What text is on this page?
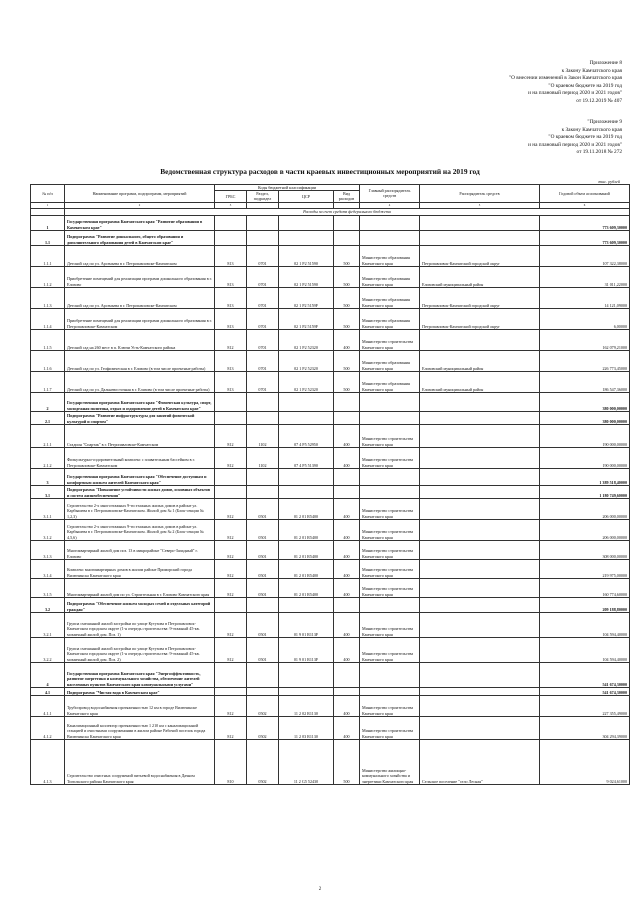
Приложение 8
к Закону Камчатского края
"О внесении изменений в Закон Камчатского края
"О краевом бюджете на 2019 год
и на плановый период 2020 и 2021 годов"
от 19.12.2019 № 407
"Приложение 9
к Закону Камчатского края
"О краевом бюджете на 2019 год
и на плановый период 2020 и 2021 годов"
от 19.11.2018 № 272
Ведомственная структура расходов в части краевых инвестиционных мероприятий на 2019 год
тыс. рублей
№ п/п	Наименование программ, подпрограмм, мероприятий	Коды бюджетной классификации				Главный распорядитель средств	Распорядитель средств	Годовой объем ассигнований
		ГРБС	Раздел, подраздел	ЦСР	Вид расходов			
1	2	3				4	5	6
	Расходы за счет средств федерального бюджета							
1	Государственная программа Камчатского края "Развитие образования в Камчатском крае"							773 609,30000
1.1	Подпрограмма "Развитие дошкольного, общего образования и дополнительного образования детей в Камчатском крае"							773 609,30000
1.1.1	Детский сад по ул. Арсеньева в г. Петропавловске-Камчатском	813	0701	02 1 Р2 51590	500	Министерство образования Камчатского края	Петропавловск-Камчатский городской округ	107 322,38000
1.1.2	Приобретение помещений для реализации программ дошкольного образования в г. Елизово	813	0701	02 1 Р2 51590	500	Министерство образования Камчатского края	Елизовский муниципальный район	31 011,22000
1.1.3	Детский сад по ул. Арсеньева в г. Петропавловске-Камчатском	813	0701	02 1 Р2 5159F	500	Министерство образования Камчатского края	Петропавловск-Камчатский городской округ	14 121,09000
1.1.4	Приобретение помещений для реализации программ дошкольного образования в г. Петропавловске-Камчатском	813	0701	02 1 Р2 5159F	500	Министерство образования Камчатского края	Петропавловск-Камчатский городской округ	6,00000
1.1.5	Детский сад на 260 мест в п. Ключи Усть-Камчатского района	812	0701	02 1 Р2 52320	400	Министерство строительства Камчатского края		162 079,21000
1.1.6	Детский сад по ул. Геофизическая в г. Елизово (в том числе проектные работы)	813	0701	02 1 Р2 52320	500	Министерство образования Камчатского края	Елизовский муниципальный район	226 773,45000
1.1.7	Детский сад по ул. Дальневосточная в г. Елизово (в том числе проектные работы)	813	0701	02 1 Р2 52320	500	Министерство образования Камчатского края	Елизовский муниципальный район	186 547,36000
2	Государственная программа Камчатского края "Физическая культура, спорт, молодежная политика, отдых и оздоровление детей в Камчатском крае"							380 000,00000
2.1	Подпрограмма "Развитие инфраструктуры для занятий физической культурой и спортом"							380 000,00000
2.1.1	Стадион "Спартак" в г. Петропавловске-Камчатском	812	1102	07 4 Р5 52950	400	Министерство строительства Камчатского края		190 000,00000
2.1.2	Физкультурно-оздоровительный комплекс с плавательным бассейном в г. Петропавловске-Камчатском	812	1102	07 4 Р5 51390	400	Министерство строительства Камчатского края		190 000,00000
3	Государственная программа Камчатского края "Обеспечение доступным и комфортным жильем жителей Камчатского края"							1 389 518,40000
3.1	Подпрограмма "Повышение устойчивости жилых домов, основных объектов и систем жизнеобеспечения"							1 180 749,60000
3.1.1	Строительство 2-х многоэтажных 9-ти этажных жилых домов в районе ул. Карбышева в г. Петропавловске-Камчатском. Жилой дом № 1 (Блок-секции № 1,2,3)	812	0501	01 2 01 R5400	400	Министерство строительства Камчатского края		206 000,00000
3.1.2	Строительство 2-х многоэтажных 9-ти этажных жилых домов в районе ул. Карбышева в г. Петропавловске-Камчатском. Жилой дом № 2 (Блок-секции № 4,5,6)	812	0501	01 2 01 R5400	400	Министерство строительства Камчатского края		206 000,00000
3.1.3	Многоквартирный жилой дом поз. 13 в микрорайоне "Северо-Западный" г. Елизово	812	0501	01 2 01 R5400	400	Министерство строительства Камчатского края		308 000,00000
3.1.4	Комплекс многоквартирных домов в жилом районе Приморский города Вилючинска Камчатского края	812	0501	01 2 01 R5400	400	Министерство строительства Камчатского края		219 975,00000
3.1.5	Многоквартирный жилой дом по ул. Строительная в г. Елизово Камчатского края	812	0501	01 2 01 R5400	400	Министерство строительства Камчатского края		160 774,60000
3.2	Подпрограмма "Обеспечение жильем молодых семей и отдельных категорий граждан"							209 188,80000
3.2.1	Группа смешанной жилой застройки по улице Кутузова в Петропавловск-Камчатском городском округе (1-я очередь строительства: 9-этажный 45-кв. мозаичный жилой дом. Поз. 1)	812	0501	01 9 01 R113F	400	Министерство строительства Камчатского края		104 594,40000
3.2.2	Группа смешанной жилой застройки по улице Кутузова в Петропавловск-Камчатском городском округе (1-я очередь строительства: 9-этажный 45-кв. мозаичный жилой дом. Поз. 2)	812	0501	01 9 01 R113F	400	Министерство строительства Камчатского края		104 594,40000
4	Государственная программа Камчатского края "Энергоэффективность, развитие энергетики и коммунального хозяйства, обеспечение жителей населенных пунктов Камчатского края коммунальными услугами"							541 674,30000
4.1	Подпрограмма "Чистая вода в Камчатском крае"							541 674,30000
4.1.1	Трубопровод водоснабжения протяженностью 12 км в городе Вилючинске Камчатского края	812	0502	11 2 02 R1130	400	Министерство строительства Камчатского края		227 355,49000
4.1.2	Канализационный коллектор протяженностью 1 210 км с канализационной станцией и очистными сооружениями в жилом районе Рабочий поселок города Вилючинска Камчатского края	812	0502	11 2 03 R1130	400	Министерство строительства Камчатского края		304 294,39000
4.1.3	Строительство очистных сооружений питьевой водоснабжения в Дачном Тигильского района Камчатского края	810	0502	11 2 G5 52430	500	Министерство жилищно-коммунального хозяйства и энергетики Камчатского края	Сельское поселение "село Лесная"	9 024,61000
2
